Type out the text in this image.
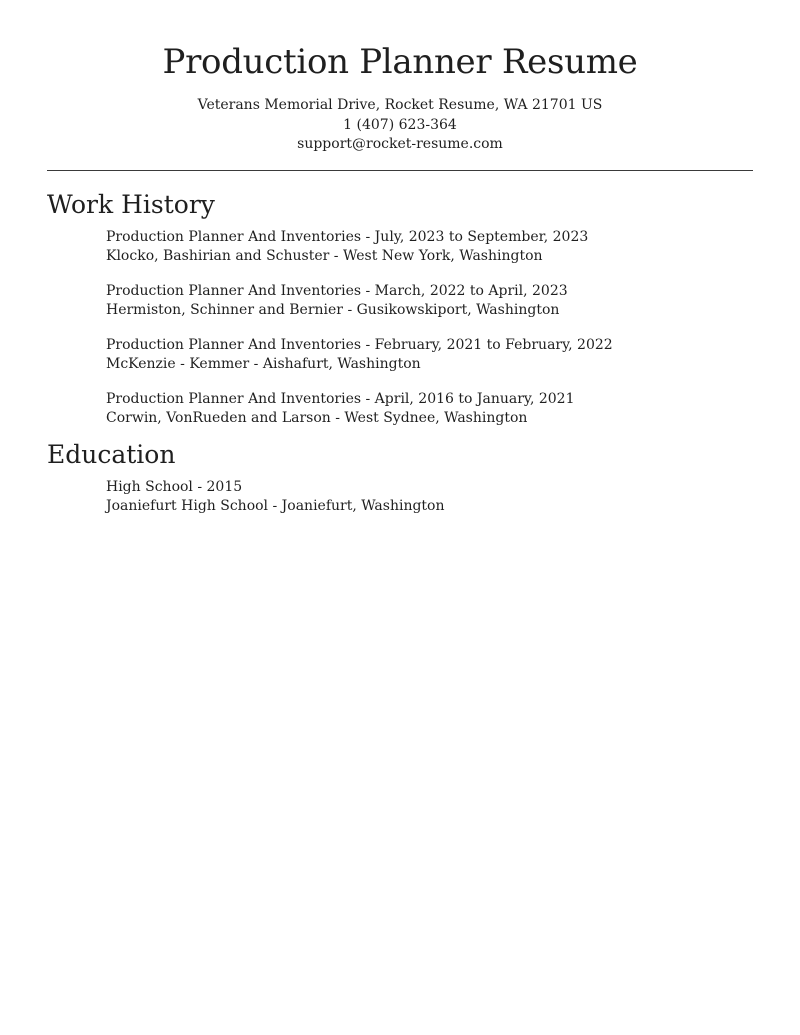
Production Planner Resume
Veterans Memorial Drive, Rocket Resume, WA 21701 US
1 (407) 623-364
support@rocket-resume.com
Work History
Production Planner And Inventories - July, 2023 to September, 2023
Klocko, Bashirian and Schuster - West New York, Washington
Production Planner And Inventories - March, 2022 to April, 2023
Hermiston, Schinner and Bernier - Gusikowskiport, Washington
Production Planner And Inventories - February, 2021 to February, 2022
McKenzie - Kemmer - Aishafurt, Washington
Production Planner And Inventories - April, 2016 to January, 2021
Corwin, VonRueden and Larson - West Sydnee, Washington
Education
High School - 2015
Joaniefurt High School - Joaniefurt, Washington
